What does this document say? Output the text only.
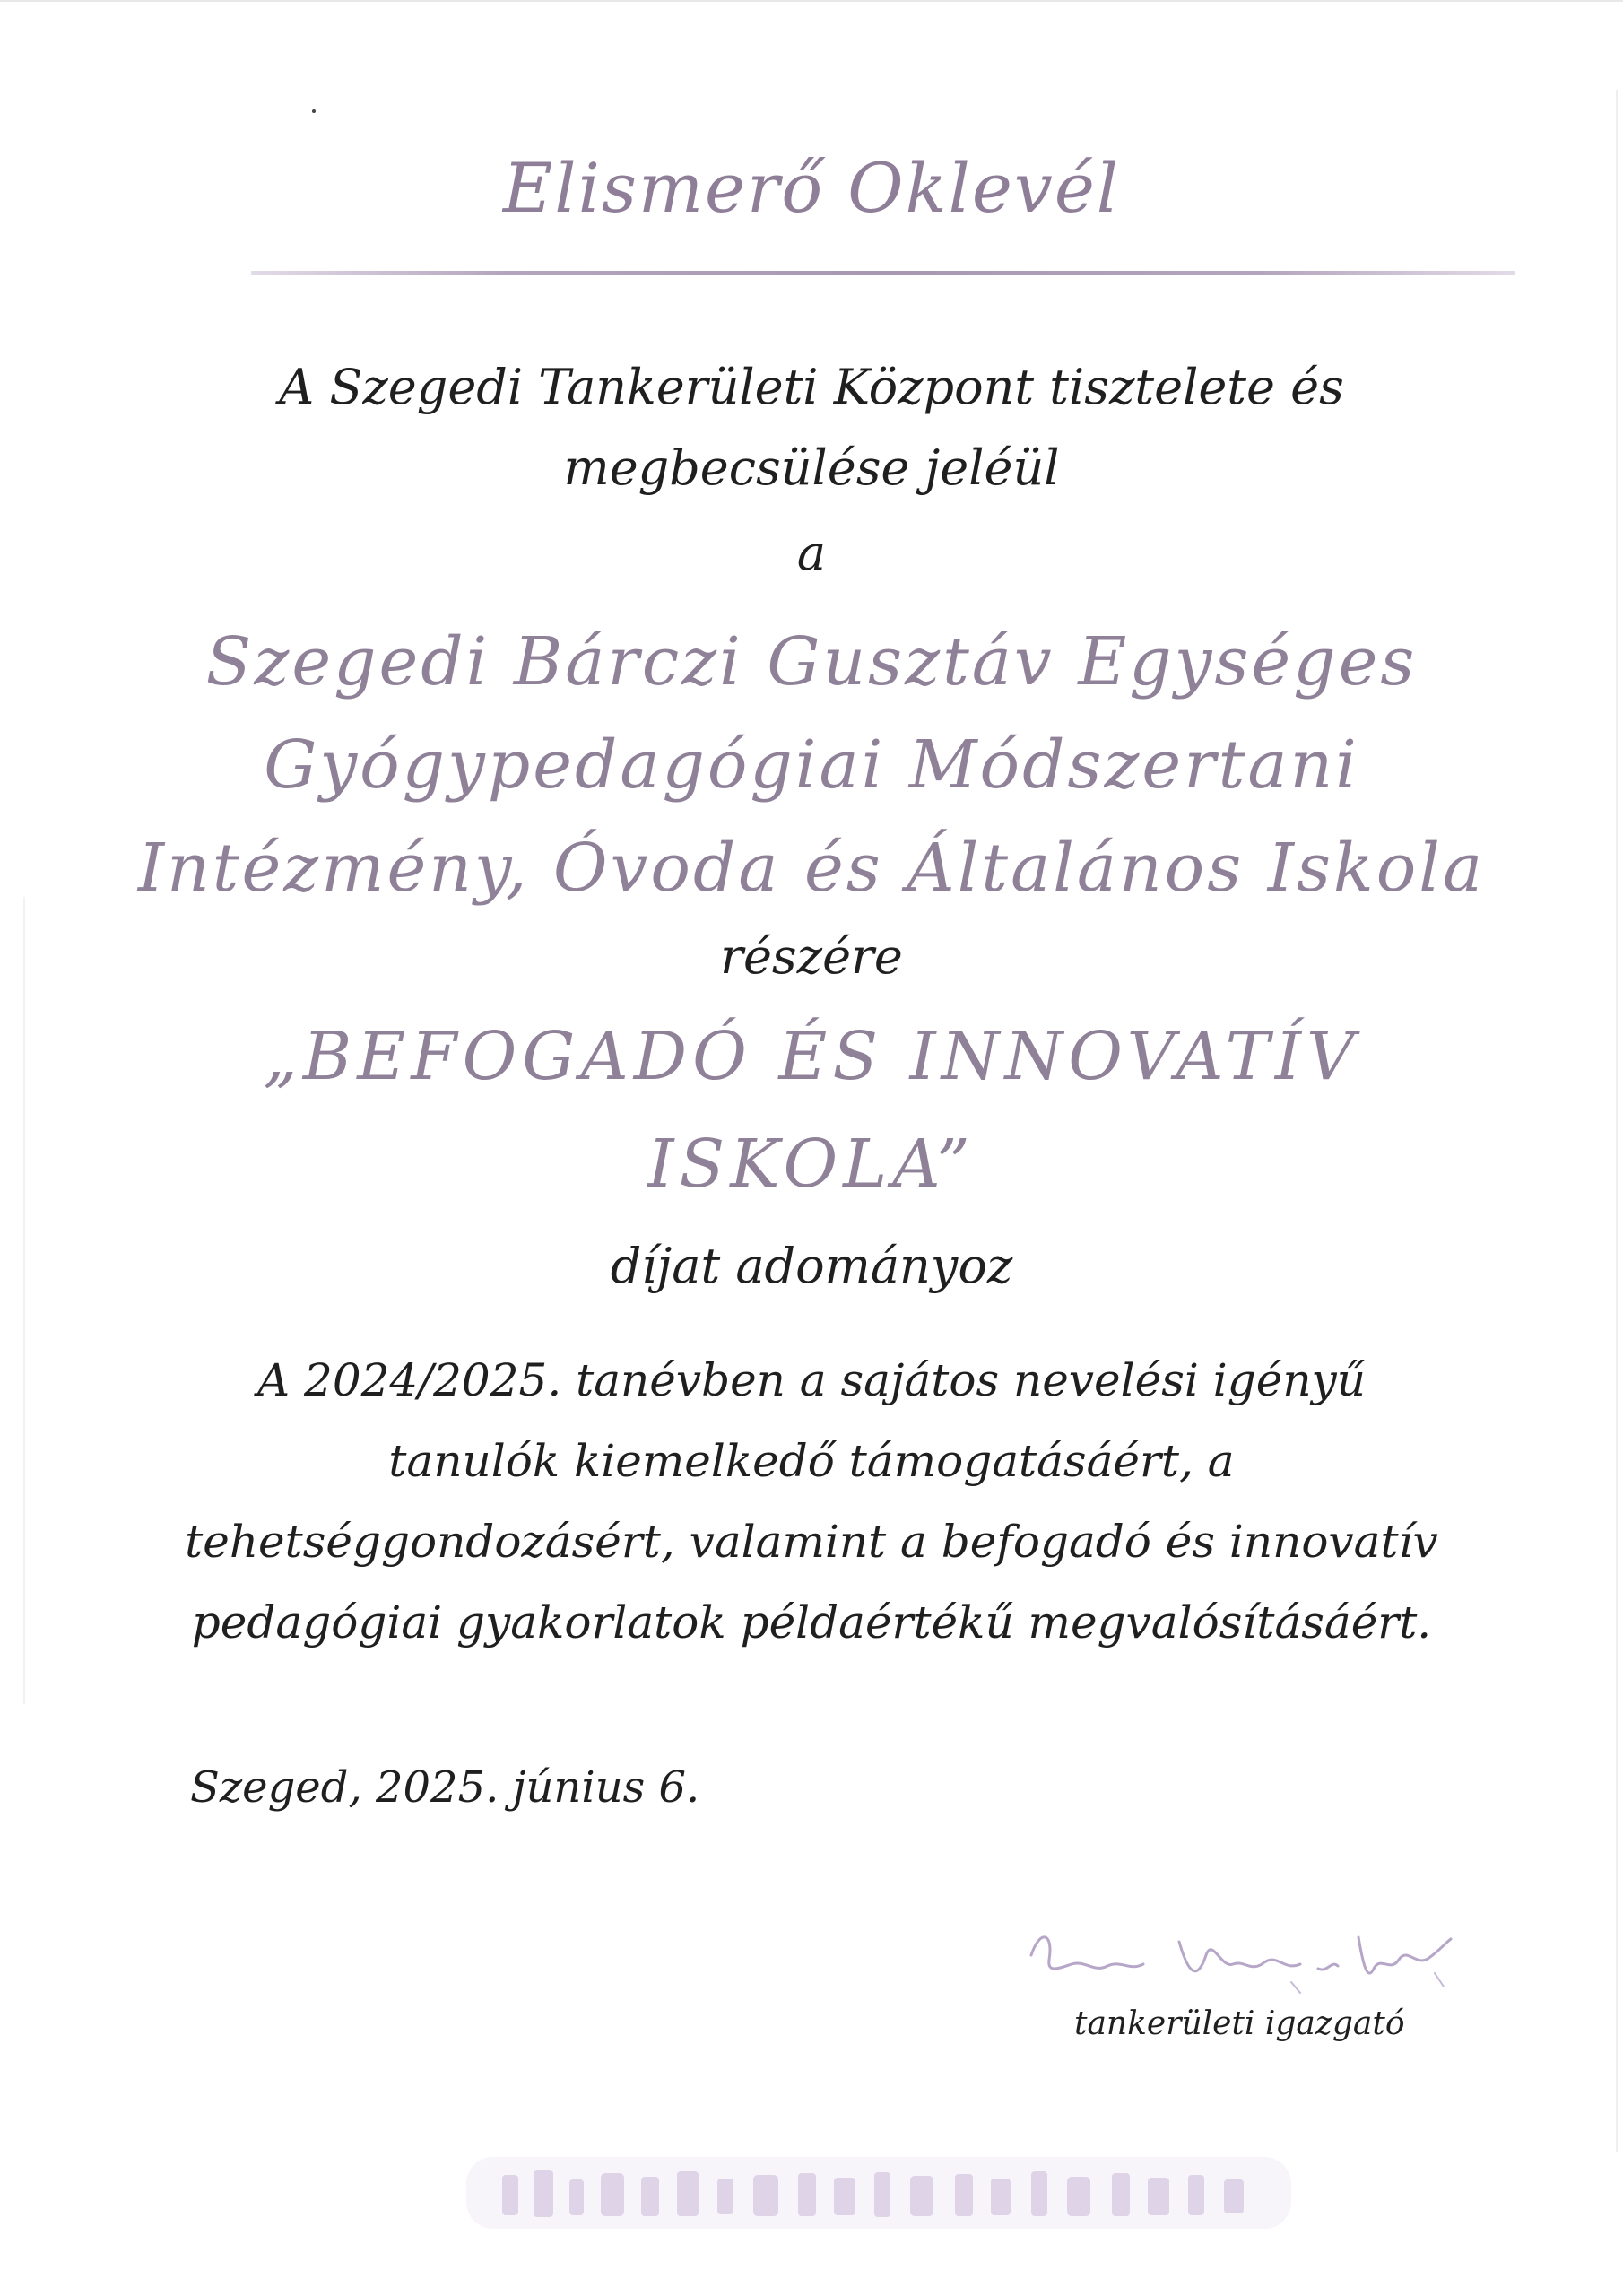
Elismerő Oklevél
A Szegedi Tankerületi Központ tisztelete és
megbecsülése jeléül
a
Szegedi Bárczi Gusztáv Egységes
Gyógypedagógiai Módszertani
Intézmény, Óvoda és Általános Iskola
részére
„BEFOGADÓ ÉS INNOVATÍV
ISKOLA”
díjat adományoz
A 2024/2025. tanévben a sajátos nevelési igényű
tanulók kiemelkedő támogatásáért, a
tehetséggondozásért, valamint a befogadó és innovatív
pedagógiai gyakorlatok példaértékű megvalósításáért.
Szeged, 2025. június 6.
tankerületi igazgató
